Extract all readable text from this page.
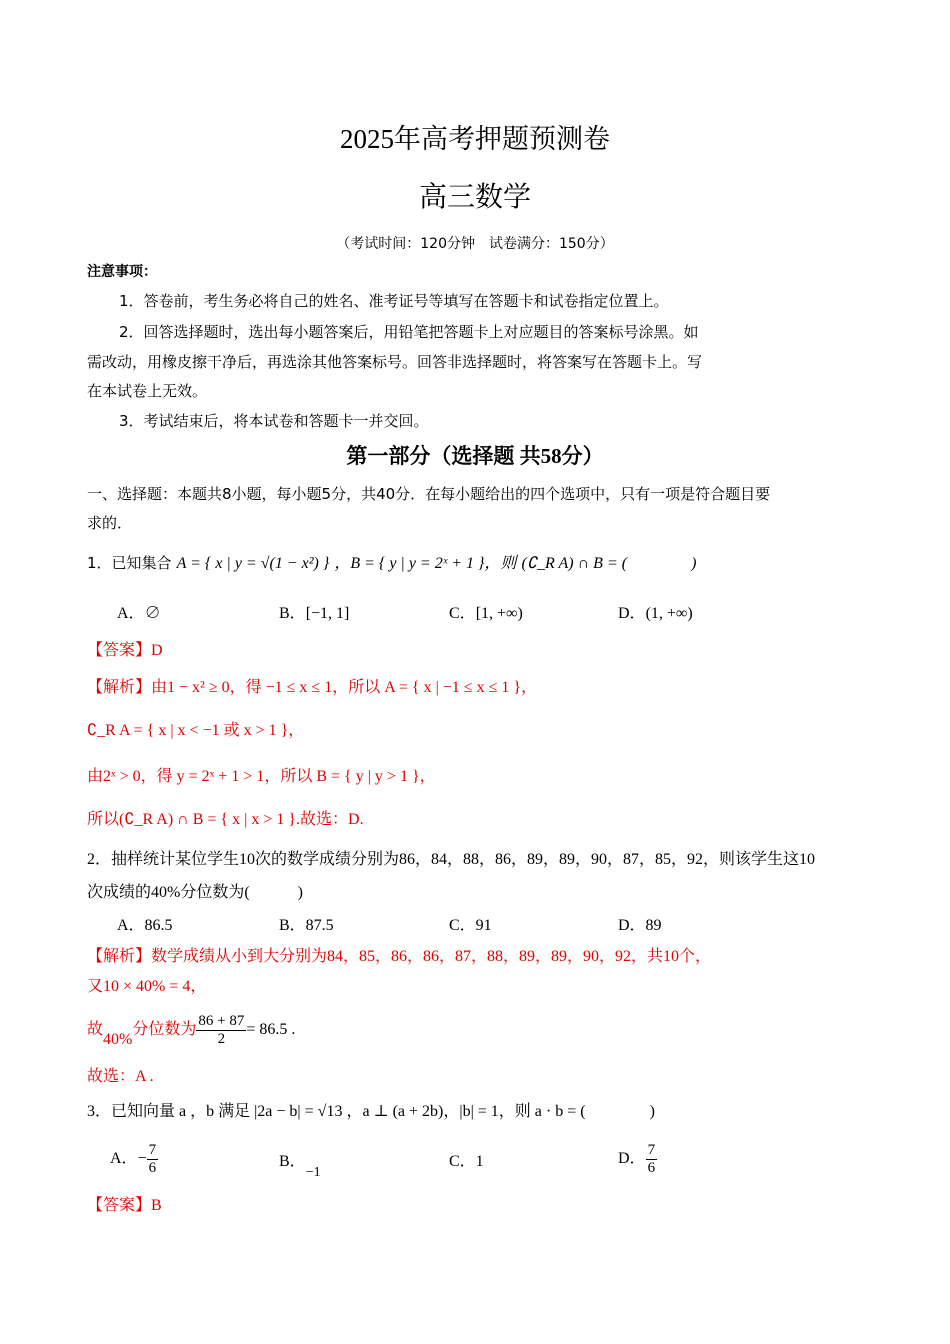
2025年高考押题预测卷
高三数学
（考试时间：120分钟　试卷满分：150分）
注意事项：
1．答卷前，考生务必将自己的姓名、准考证号等填写在答题卡和试卷指定位置上。
2．回答选择题时，选出每小题答案后，用铅笔把答题卡上对应题目的答案标号涂黑。如
需改动，用橡皮擦干净后，再选涂其他答案标号。回答非选择题时，将答案写在答题卡上。写
在本试卷上无效。
3．考试结束后，将本试卷和答题卡一并交回。
第一部分（选择题 共58分）
一、选择题：本题共8小题，每小题5分，共40分．在每小题给出的四个选项中，只有一项是符合题目要
求的．
1．已知集合 A = { x | y = √(1 − x²) } ，B = { y | y = 2ˣ + 1 }，则 (∁_R A) ∩ B = (　　　　)
A．∅	B．[−1, 1]	C．[1, +∞)	D．(1, +∞)
【答案】D
【解析】由1 − x² ≥ 0，得 −1 ≤ x ≤ 1，所以 A = { x | −1 ≤ x ≤ 1 }，
∁_R A = { x | x < −1 或 x > 1 }，
由2ˣ > 0，得 y = 2ˣ + 1 > 1，所以 B = { y | y > 1 }，
所以(∁_R A) ∩ B = { x | x > 1 }.故选：D.
2．抽样统计某位学生10次的数学成绩分别为86，84，88，86，89，89，90，87，85，92，则该学生这10
次成绩的40%分位数为(　　　)
A．86.5	B．87.5	C．91	D．89
【解析】数学成绩从小到大分别为84，85，86，86，87，88，89，89，90，92，共10个，
又10 × 40% = 4，
故40%分位数为 $\frac{86 + 87}{2} = 86.5$ .
故选：A .
3．已知向量 a ，b 满足 |2a − b| = √13 ，a ⊥ (a + 2b)，|b| = 1，则 a · b = (　　　　)
A．− $\frac{7}{6}$	B．−1
C．1	D． $\frac{7}{6}$
【答案】B
